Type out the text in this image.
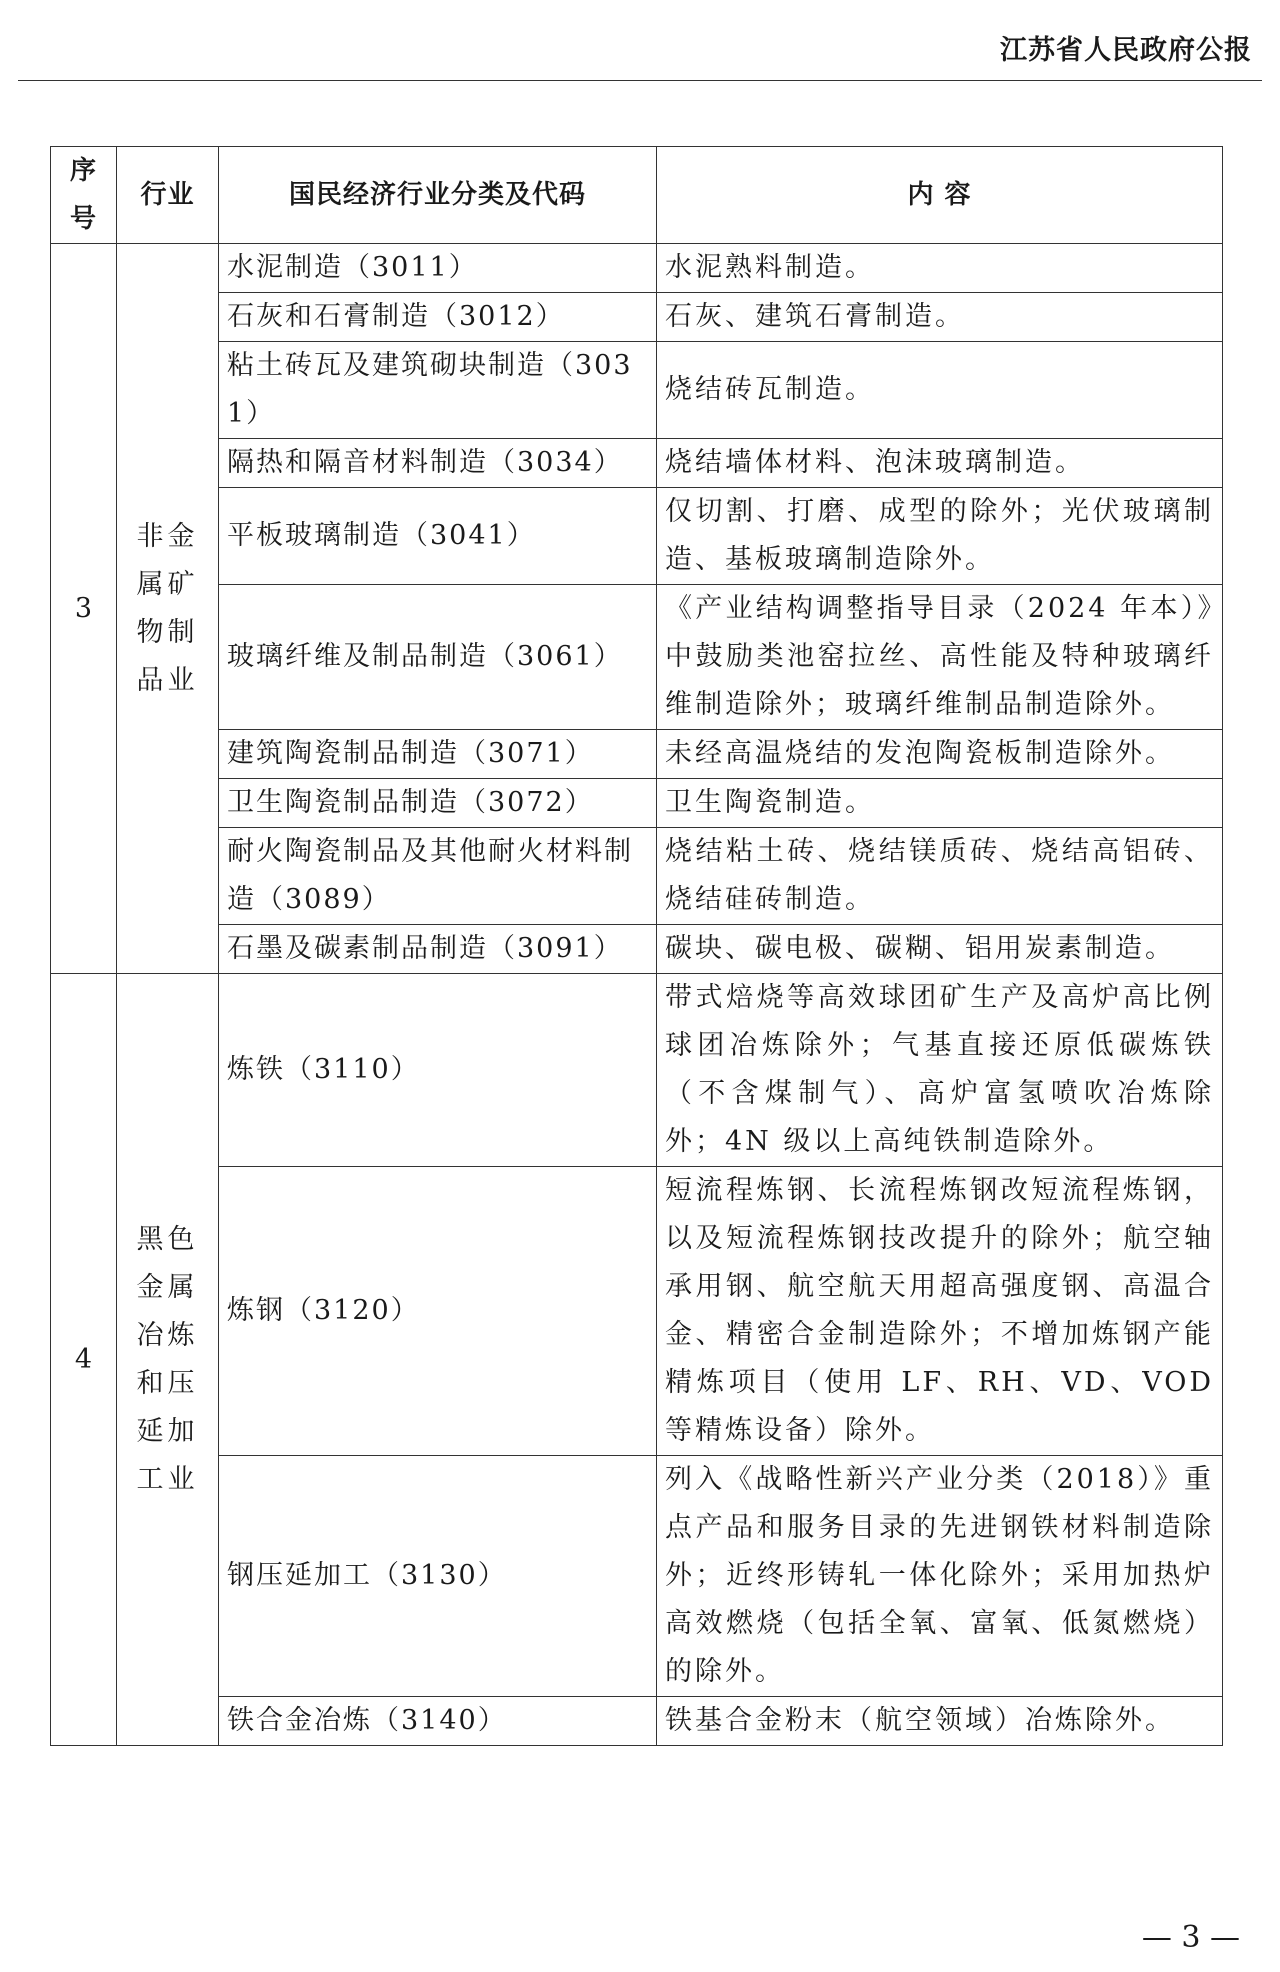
江苏省人民政府公报
序号	行业	国民经济行业分类及代码	内 容
3	非金属矿物制品业	水泥制造（3011）	水泥熟料制造。
		石灰和石膏制造（3012）	石灰、建筑石膏制造。
		粘土砖瓦及建筑砌块制造（3031）	烧结砖瓦制造。
		隔热和隔音材料制造（3034）	烧结墙体材料、泡沫玻璃制造。
		平板玻璃制造（3041）	仅切割、打磨、成型的除外；光伏玻璃制造、基板玻璃制造除外。
		玻璃纤维及制品制造（3061）	《产业结构调整指导目录（2024 年本）》中鼓励类池窑拉丝、高性能及特种玻璃纤维制造除外；玻璃纤维制品制造除外。
		建筑陶瓷制品制造（3071）	未经高温烧结的发泡陶瓷板制造除外。
		卫生陶瓷制品制造（3072）	卫生陶瓷制造。
		耐火陶瓷制品及其他耐火材料制造（3089）	烧结粘土砖、烧结镁质砖、烧结高铝砖、烧结硅砖制造。
		石墨及碳素制品制造（3091）	碳块、碳电极、碳糊、铝用炭素制造。
4	黑色金属冶炼和压延加工业	炼铁（3110）	带式焙烧等高效球团矿生产及高炉高比例球团冶炼除外；气基直接还原低碳炼铁（不含煤制气）、高炉富氢喷吹冶炼除外；4N 级以上高纯铁制造除外。
		炼钢（3120）	短流程炼钢、长流程炼钢改短流程炼钢，以及短流程炼钢技改提升的除外；航空轴承用钢、航空航天用超高强度钢、高温合金、精密合金制造除外；不增加炼钢产能精炼项目（使用 LF、RH、VD、VOD 等精炼设备）除外。
		钢压延加工（3130）	列入《战略性新兴产业分类（2018）》重点产品和服务目录的先进钢铁材料制造除外；近终形铸轧一体化除外；采用加热炉高效燃烧（包括全氧、富氧、低氮燃烧）的除外。
		铁合金冶炼（3140）	铁基合金粉末（航空领域）冶炼除外。
— 3 —
